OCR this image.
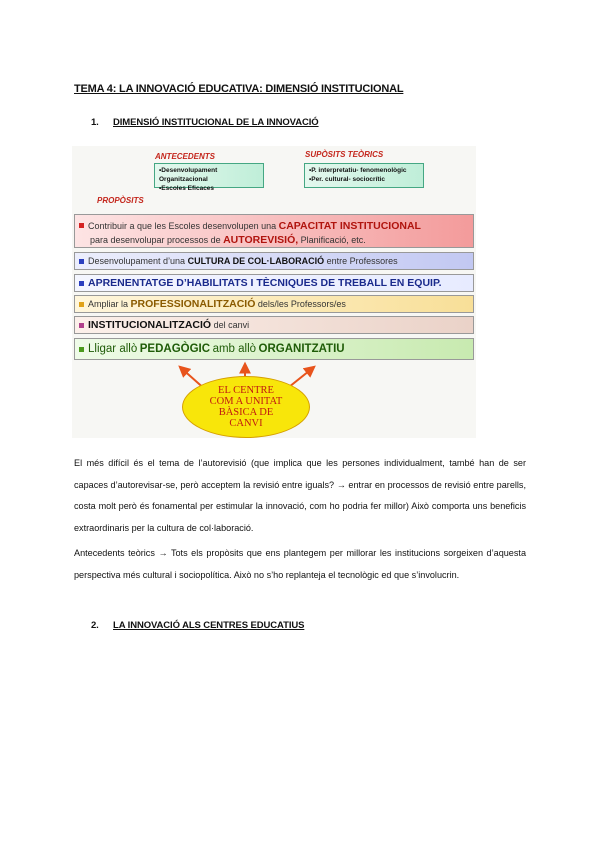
TEMA 4: LA INNOVACIÓ EDUCATIVA: DIMENSIÓ INSTITUCIONAL
1. DIMENSIÓ INSTITUCIONAL DE LA INNOVACIÓ
ANTECEDENTS
•Desenvolupament Organitzacional
•Escoles Eficaces
SUPÒSITS TEÒRICS
•P. interpretatiu- fenomenològic
•Per. cultural- sociocrític
PROPÒSITS
Contribuir a que les Escoles desenvolupen una CAPACITAT INSTITUCIONAL
para desenvolupar processos de AUTOREVISIÓ, Planificació, etc.
Desenvolupament d’una
CULTURA DE COL·LABORACIÓ
entre Professores
APRENENTATGE D’HABILITATS I TÈCNIQUES DE TREBALL EN EQUIP.
Ampliar la
PROFESSIONALITZACIÓ
dels/les Professors/es
INSTITUCIONALITZACIÓ
del canvi
Lligar allò
PEDAGÒGIC
amb allò
ORGANITZATIU
EL CENTRE COM A UNITAT BÀSICA DE CANVI
El més difícil és el tema de l’autorevisió (que implica que les persones individualment, també han de ser capaces d’autorevisar-se, però acceptem la revisió entre iguals? → entrar en processos de revisió entre parells, costa molt però és fonamental per estimular la innovació, com ho podria fer millor) Això comporta uns beneficis extraordinaris per la cultura de col·laboració.
Antecedents teòrics → Tots els propòsits que ens plantegem per millorar les institucions sorgeixen d’aquesta perspectiva més cultural i sociopolítica. Això no s’ho replanteja el tecnològic ed que s’involucrin.
2. LA INNOVACIÓ ALS CENTRES EDUCATIUS
